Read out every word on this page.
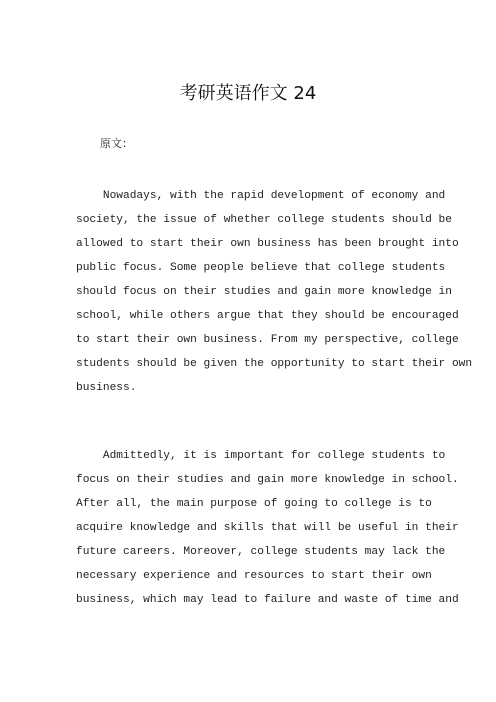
考研英语作文 24
原文：
Nowadays, with the rapid development of economy and
society, the issue of whether college students should be
allowed to start their own business has been brought into
public focus. Some people believe that college students
should focus on their studies and gain more knowledge in
school, while others argue that they should be encouraged
to start their own business. From my perspective, college
students should be given the opportunity to start their own
business.
Admittedly, it is important for college students to
focus on their studies and gain more knowledge in school.
After all, the main purpose of going to college is to
acquire knowledge and skills that will be useful in their
future careers. Moreover, college students may lack the
necessary experience and resources to start their own
business, which may lead to failure and waste of time and
